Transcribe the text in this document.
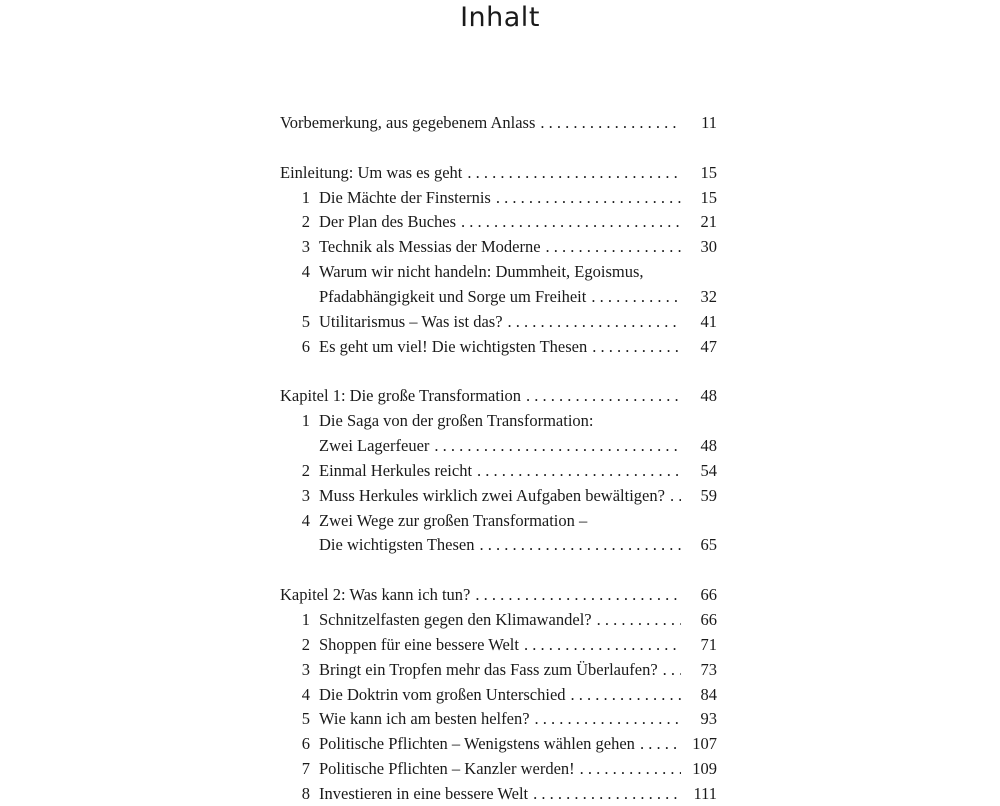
Inhalt
Vorbemerkung, aus gegebenem Anlass . . .	11
Einleitung: Um was es geht . . .	15
1 Die Mächte der Finsternis . . .	15
2 Der Plan des Buches . . .	21
3 Technik als Messias der Moderne . . .	30
4 Warum wir nicht handeln: Dummheit, Egoismus,
Pfadabhängigkeit und Sorge um Freiheit . . .	32
5 Utilitarismus – Was ist das? . . .	41
6 Es geht um viel! Die wichtigsten Thesen . . .	47
Kapitel 1: Die große Transformation . . .	48
1 Die Saga von der großen Transformation:
Zwei Lagerfeuer . . .	48
2 Einmal Herkules reicht . . .	54
3 Muss Herkules wirklich zwei Aufgaben bewältigen? . . .	59
4 Zwei Wege zur großen Transformation –
Die wichtigsten Thesen . . .	65
Kapitel 2: Was kann ich tun? . . .	66
1 Schnitzelfasten gegen den Klimawandel? . . .	66
2 Shoppen für eine bessere Welt . . .	71
3 Bringt ein Tropfen mehr das Fass zum Überlaufen? . . .	73
4 Die Doktrin vom großen Unterschied . . .	84
5 Wie kann ich am besten helfen? . . .	93
6 Politische Pflichten – Wenigstens wählen gehen . . .	107
7 Politische Pflichten – Kanzler werden! . . .	109
8 Investieren in eine bessere Welt . . .	111
